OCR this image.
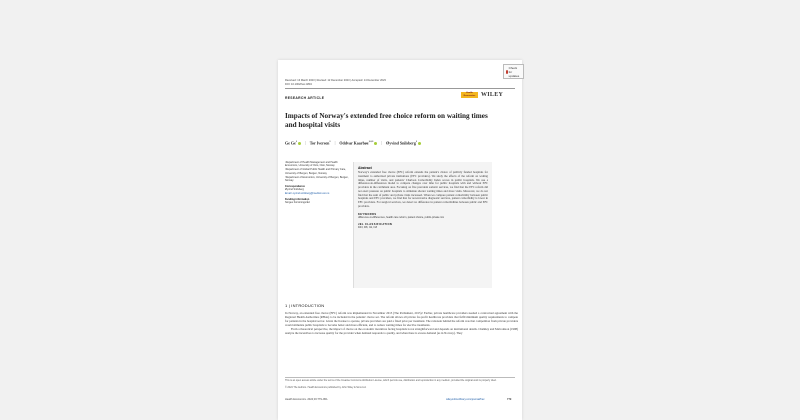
Check for updates
Received: 13 March 2023 | Revised: 12 December 2023 | Accepted: 14 December 2023
DOI: 10.1002/hec.4804
RESEARCH ARTICLE
Health Economics WILEY
Impacts of Norway's extended free choice reform on waiting times and hospital visits
Ge Ge$^1$ | Tor Iversen$^1$ | Oddvar Kaarbøe$^{1,2,3}$ | Øyvind Snilsberg$^1$
¹Department of Health Management and Health Economics, University of Oslo, Oslo, Norway
²Department of Global Public Health and Primary Care, University of Bergen, Bergen, Norway
³Department of Economics, University of Bergen, Bergen, Norway
Correspondence
Øyvind Snilsberg
Email: oyvind.snilsberg@medisin.uio.no
Funding information
Norges Forskningsråd
Abstract
Norway's extended free choice (EFC) reform extends the patient's choice of publicly funded hospitals for treatment to authorized private institutions (EFC providers). We study the effects of the reform on waiting times, number of visits, and patients' Charlson Comorbidity Index scores in public hospitals. We use a difference-in-differences model to compare changes over time for public hospitals with and without EFC providers in the catchment area. Focusing on five prevalent somatic services, we find that the EFC reform did not exert pressure on public hospitals to stimulate shorter waiting times and more visits. Moreover, we do not find that the sum of public and private visits increased. When we compare patient comorbidity between public hospitals and EFC providers, we find that for non-invasive diagnostic services, patient comorbidity is lower in EFC providers. For surgical services, we detect no difference in patient comorbidities between public and EFC providers.
KEYWORDS
difference-in-differences, health care reform, patient choice, public-private mix
JEL CLASSIFICATION
D43, I08, I11, I18
1 | INTRODUCTION

In Norway, an extended free choice (EFC) reform was implemented in November 2015 (The Parliament, 2015).¹ Earlier, private healthcare providers needed a contractual agreement with the Regional Health Authorities (RHAs) to be included in the patients' choice set. The reform allows all private for-profit healthcare providers that fulfil minimum quality requirements to compete for patients in the hospital sector. Given the license to operate, private providers are paid a fixed price per treatment. The rationale behind the reform was that competition from private providers would stimulate public hospitals to become better and more efficient, and to reduce waiting times for elective treatments.

From a theoretical perspective, the impact of choice on the economic incentives facing hospitals is not straightforward and depends on institutional details. Chalkley and Malcomson (1998) analyze the incentives to increase quality for the provider when demand responds to quality, and when there is excess demand (as in Norway). They

This is an open access article under the terms of the Creative Commons Attribution License, which permits use, distribution and reproduction in any medium, provided the original work is properly cited.
© 2024 The Authors. Health Economics published by John Wiley & Sons Ltd.
Health Economics. 2024;33:779–801.	wileyonlinelibrary.com/journal/hec	779
